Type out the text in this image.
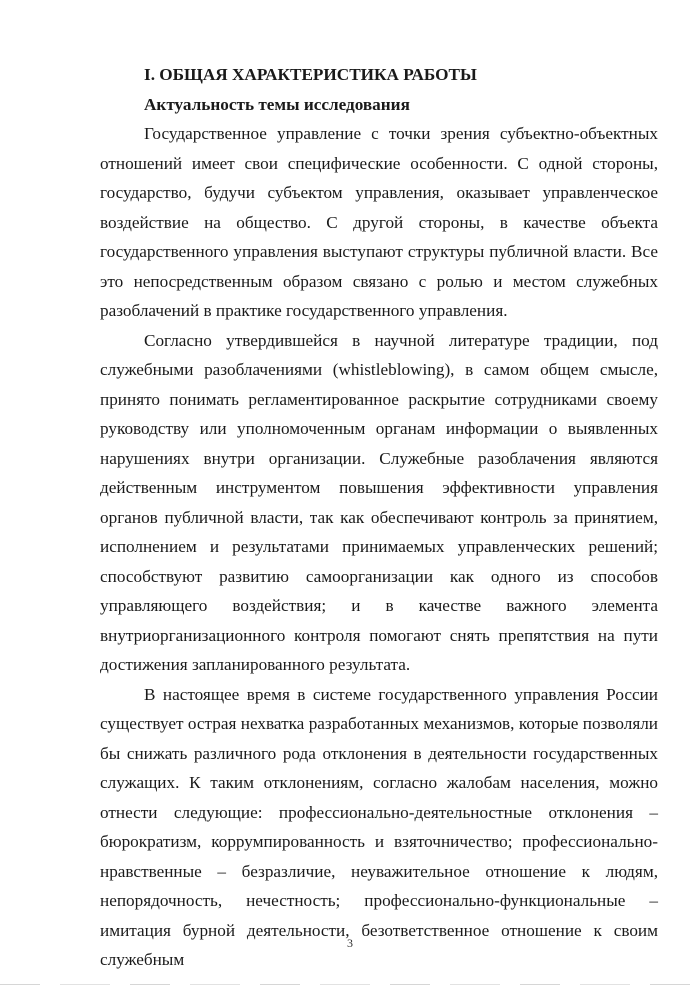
I. ОБЩАЯ ХАРАКТЕРИСТИКА РАБОТЫ
Актуальность темы исследования

Государственное управление с точки зрения субъектно-объектных отношений имеет свои специфические особенности. С одной стороны, государство, будучи субъектом управления, оказывает управленческое воздействие на общество. С другой стороны, в качестве объекта государственного управления выступают структуры публичной власти. Все это непосредственным образом связано с ролью и местом служебных разоблачений в практике государственного управления.

Согласно утвердившейся в научной литературе традиции, под служебными разоблачениями (whistleblowing), в самом общем смысле, принято понимать регламентированное раскрытие сотрудниками своему руководству или уполномоченным органам информации о выявленных нарушениях внутри организации. Служебные разоблачения являются действенным инструментом повышения эффективности управления органов публичной власти, так как обеспечивают контроль за принятием, исполнением и результатами принимаемых управленческих решений; способствуют развитию самоорганизации как одного из способов управляющего воздействия; и в качестве важного элемента внутриорганизационного контроля помогают снять препятствия на пути достижения запланированного результата.

В настоящее время в системе государственного управления России существует острая нехватка разработанных механизмов, которые позволяли бы снижать различного рода отклонения в деятельности государственных служащих. К таким отклонениям, согласно жалобам населения, можно отнести следующие: профессионально-деятельностные отклонения – бюрократизм, коррумпированность и взяточничество; профессионально-нравственные – безразличие, неуважительное отношение к людям, непорядочность, нечестность; профессионально-функциональные – имитация бурной деятельности, безответственное отношение к своим служебным

3
